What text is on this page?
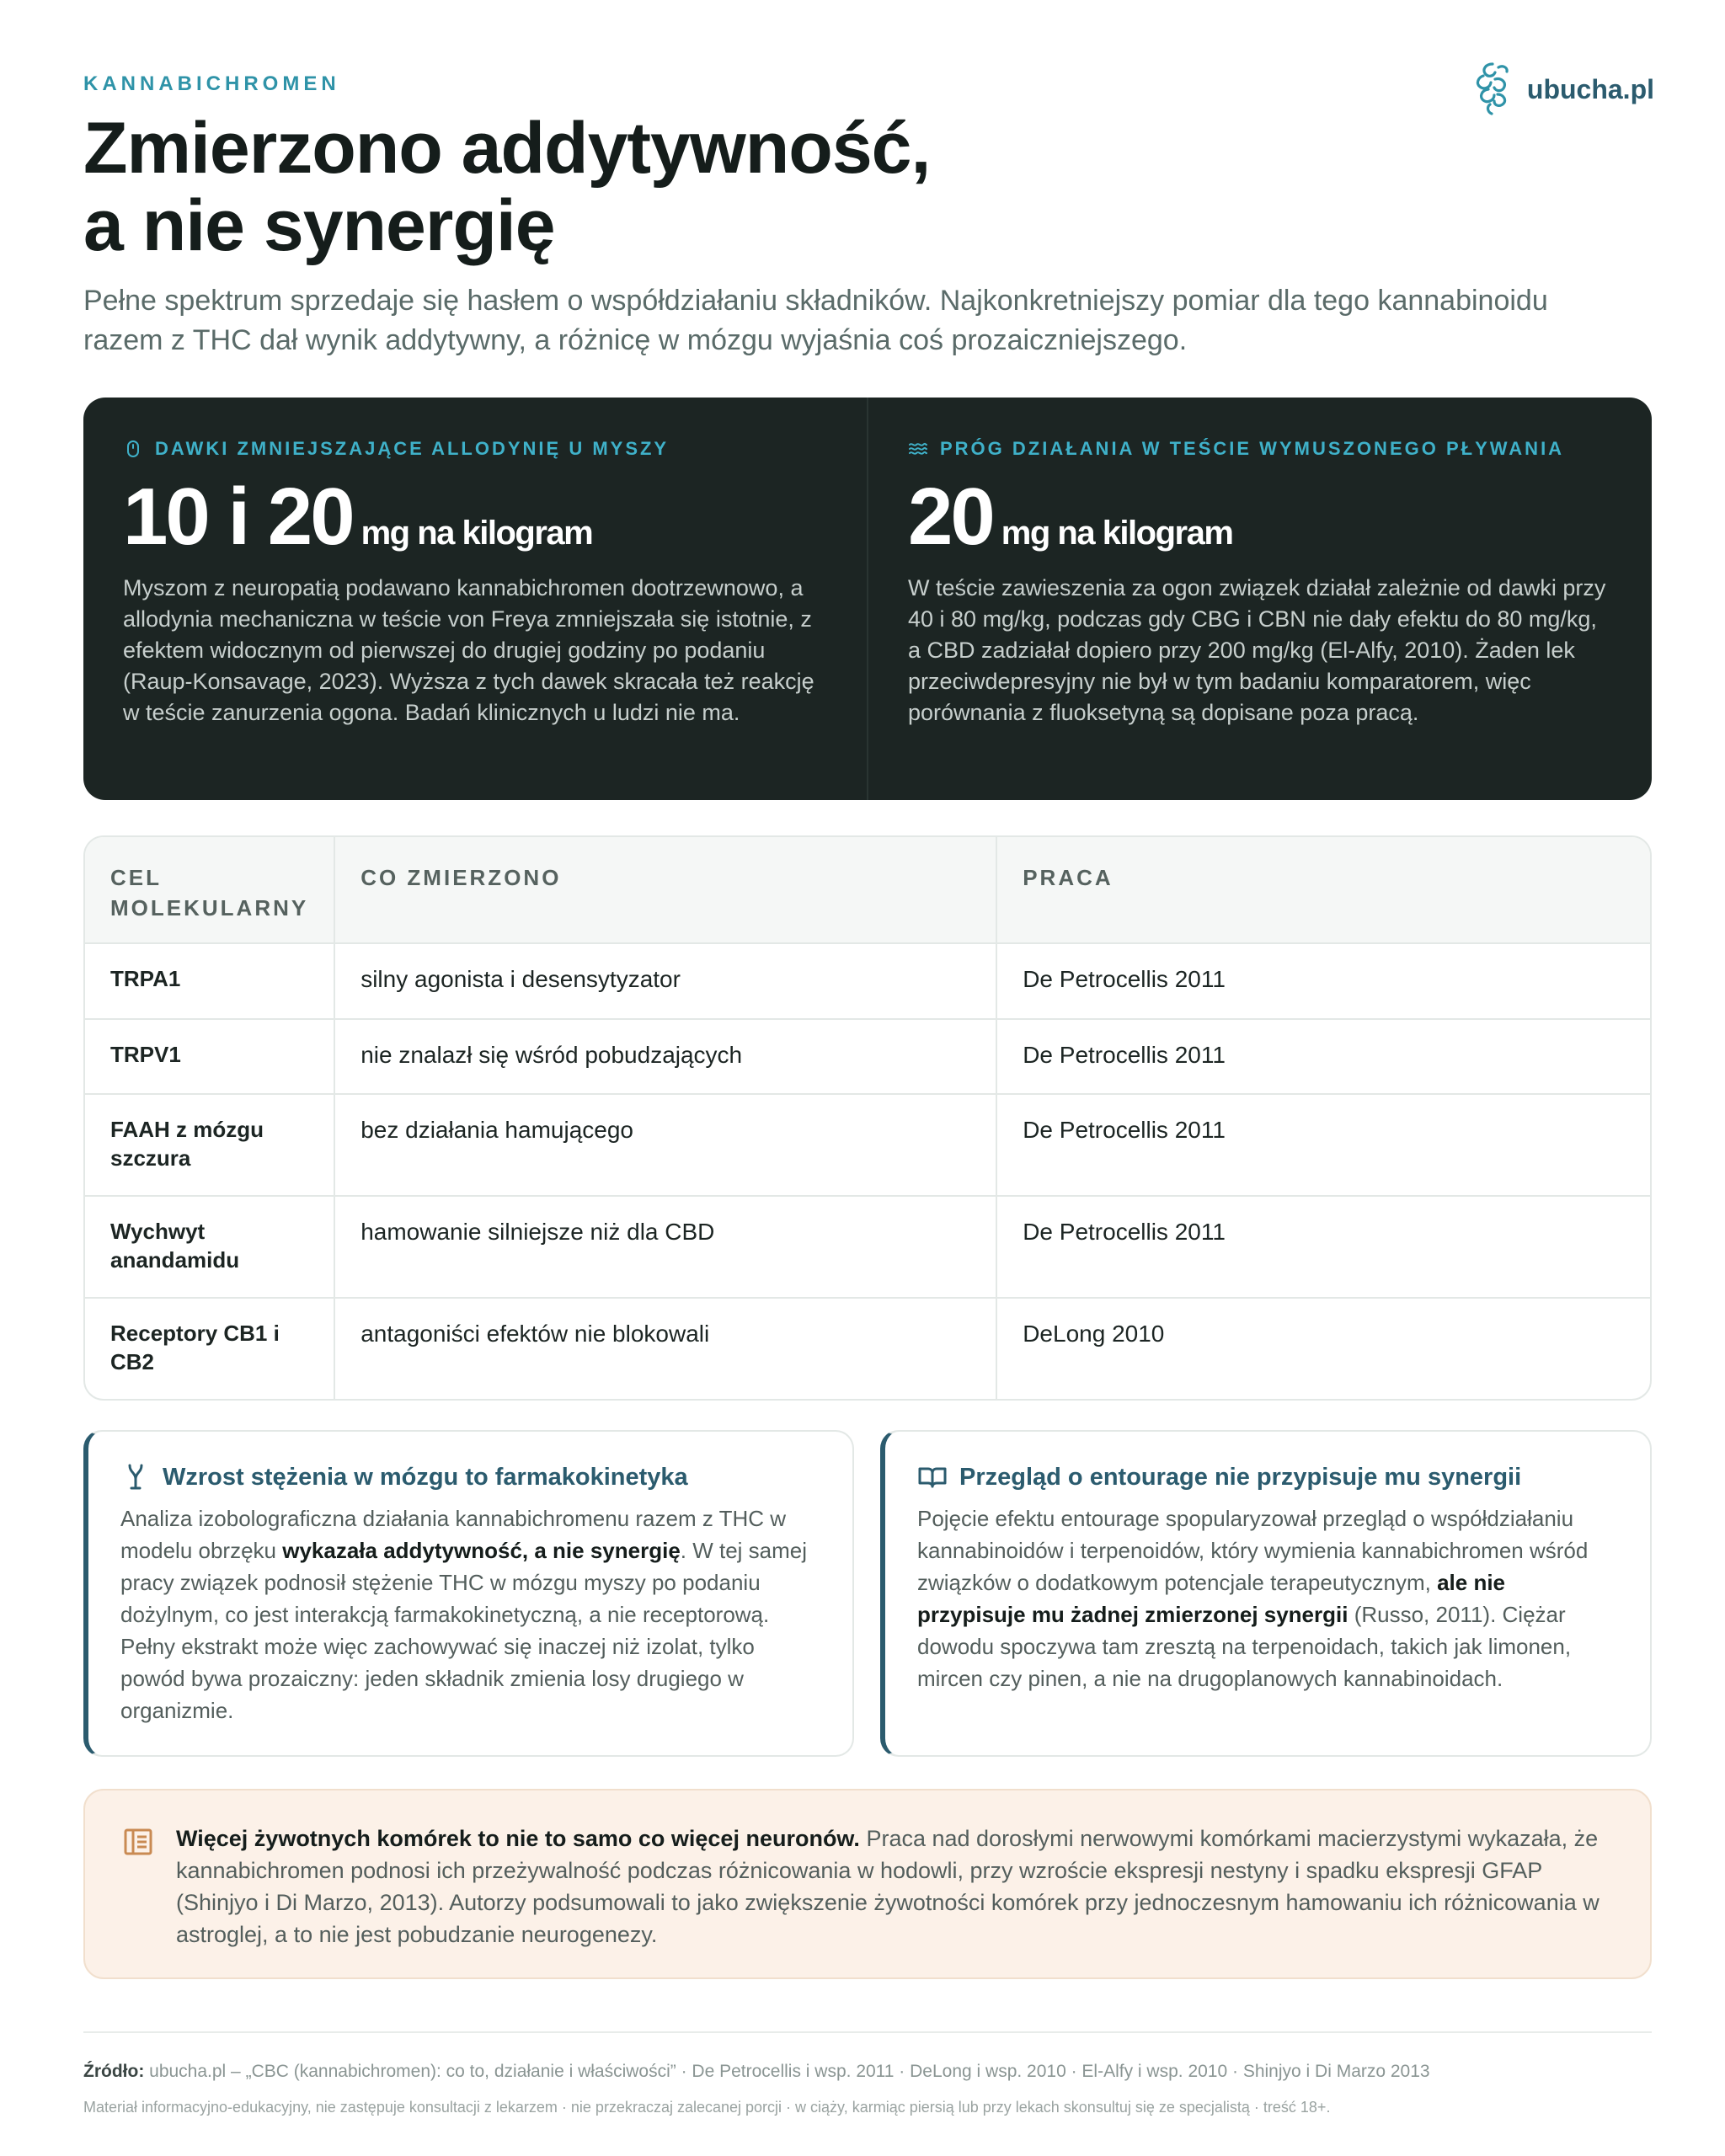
KANNABICHROMEN	ubucha.pl
Zmierzono addytywność,
a nie synergię

Pełne spektrum sprzedaje się hasłem o współdziałaniu składników. Najkonkretniejszy pomiar dla tego kannabinoidu razem z THC dał wynik addytywny, a różnicę w mózgu wyjaśnia coś prozaiczniejszego.

DAWKI ZMNIEJSZAJĄCE ALLODYNIĘ U MYSZY
10 i 20 mg na kilogram

Myszom z neuropatią podawano kannabichromen dootrzewnowo, a allodynia mechaniczna w teście von Freya zmniejszała się istotnie, z efektem widocznym od pierwszej do drugiej godziny po podaniu (Raup-Konsavage, 2023). Wyższa z tych dawek skracała też reakcję w teście zanurzenia ogona. Badań klinicznych u ludzi nie ma.

PRÓG DZIAŁANIA W TEŚCIE WYMUSZONEGO PŁYWANIA
20 mg na kilogram

W teście zawieszenia za ogon związek działał zależnie od dawki przy 40 i 80 mg/kg, podczas gdy CBG i CBN nie dały efektu do 80 mg/kg, a CBD zadziałał dopiero przy 200 mg/kg (El-Alfy, 2010). Żaden lek przeciwdepresyjny nie był w tym badaniu komparatorem, więc porównania z fluoksetyną są dopisane poza pracą.

CEL MOLEKULARNY	CO ZMIERZONO	PRACA
TRPA1	silny agonista i desensytyzator	De Petrocellis 2011
TRPV1	nie znalazł się wśród pobudzających	De Petrocellis 2011
FAAH z mózgu szczura	bez działania hamującego	De Petrocellis 2011
Wychwyt anandamidu	hamowanie silniejsze niż dla CBD	De Petrocellis 2011
Receptory CB1 i CB2	antagoniści efektów nie blokowali	DeLong 2010
Wzrost stężenia w mózgu to farmakokinetyka

Analiza izobolograficzna działania kannabichromenu razem z THC w modelu obrzęku wykazała addytywność, a nie synergię. W tej samej pracy związek podnosił stężenie THC w mózgu myszy po podaniu dożylnym, co jest interakcją farmakokinetyczną, a nie receptorową. Pełny ekstrakt może więc zachowywać się inaczej niż izolat, tylko powód bywa prozaiczny: jeden składnik zmienia losy drugiego w organizmie.

Przegląd o entourage nie przypisuje mu synergii

Pojęcie efektu entourage spopularyzował przegląd o współdziałaniu kannabinoidów i terpenoidów, który wymienia kannabichromen wśród związków o dodatkowym potencjale terapeutycznym, ale nie przypisuje mu żadnej zmierzonej synergii (Russo, 2011). Ciężar dowodu spoczywa tam zresztą na terpenoidach, takich jak limonen, mircen czy pinen, a nie na drugoplanowych kannabinoidach.

Więcej żywotnych komórek to nie to samo co więcej neuronów. Praca nad dorosłymi nerwowymi komórkami macierzystymi wykazała, że kannabichromen podnosi ich przeżywalność podczas różnicowania w hodowli, przy wzroście ekspresji nestyny i spadku ekspresji GFAP (Shinjyo i Di Marzo, 2013). Autorzy podsumowali to jako zwiększenie żywotności komórek przy jednoczesnym hamowaniu ich różnicowania w astroglej, a to nie jest pobudzanie neurogenezy.

Źródło: ubucha.pl – „CBC (kannabichromen): co to, działanie i właściwości” · De Petrocellis i wsp. 2011 · DeLong i wsp. 2010 · El-Alfy i wsp. 2010 · Shinjyo i Di Marzo 2013

Materiał informacyjno-edukacyjny, nie zastępuje konsultacji z lekarzem · nie przekraczaj zalecanej porcji · w ciąży, karmiąc piersią lub przy lekach skonsultuj się ze specjalistą · treść 18+.
